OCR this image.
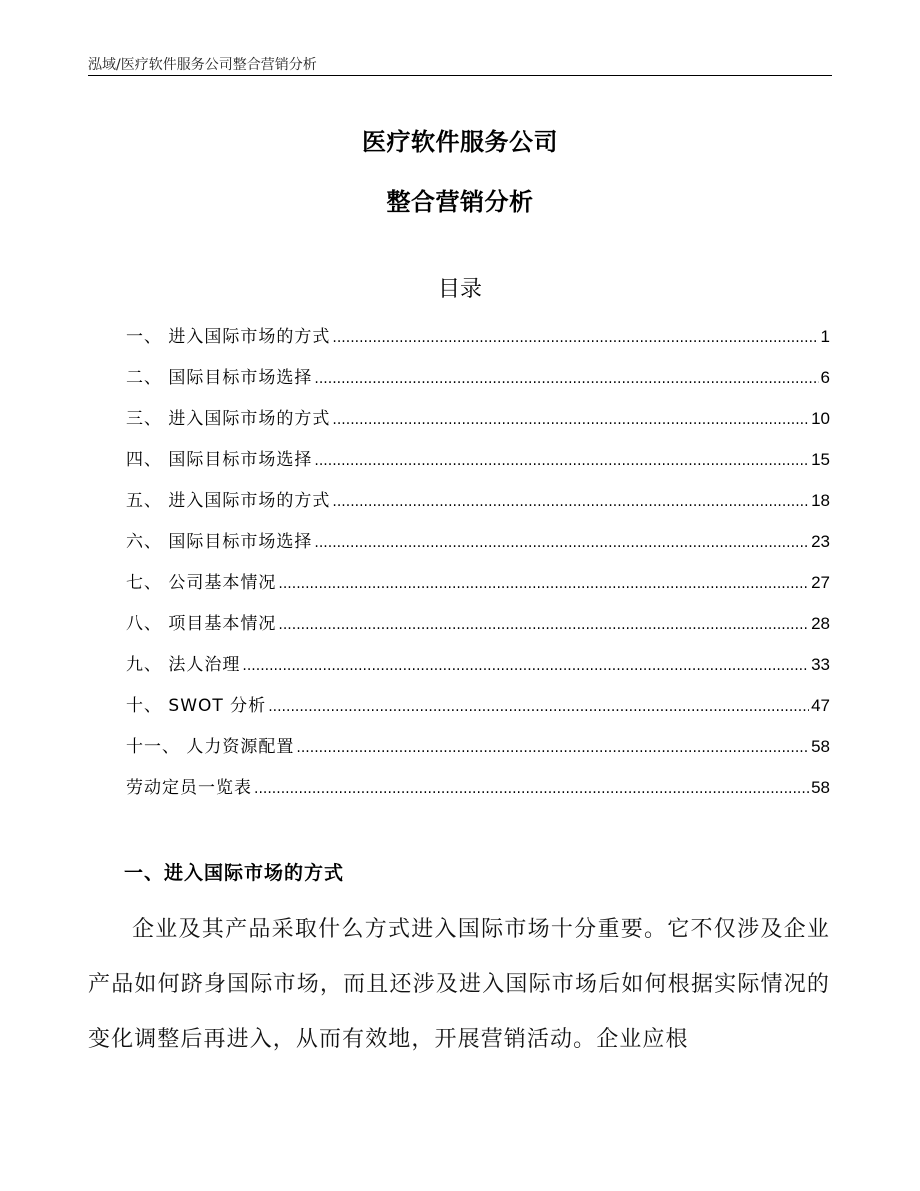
泓域/医疗软件服务公司整合营销分析
医疗软件服务公司
整合营销分析
目录
一、 进入国际市场的方式 .....	1
二、 国际目标市场选择 .....	6
三、 进入国际市场的方式 .....	10
四、 国际目标市场选择 .....	15
五、 进入国际市场的方式 .....	18
六、 国际目标市场选择 .....	23
七、 公司基本情况 .....	27
八、 项目基本情况 .....	28
九、 法人治理 .....	33
十、 SWOT 分析 .....	47
十一、 人力资源配置 .....	58
劳动定员一览表 .....	58
一、进入国际市场的方式

企业及其产品采取什么方式进入国际市场十分重要。它不仅涉及企业产品如何跻身国际市场，而且还涉及进入国际市场后如何根据实际情况的变化调整后再进入，从而有效地，开展营销活动。企业应根
